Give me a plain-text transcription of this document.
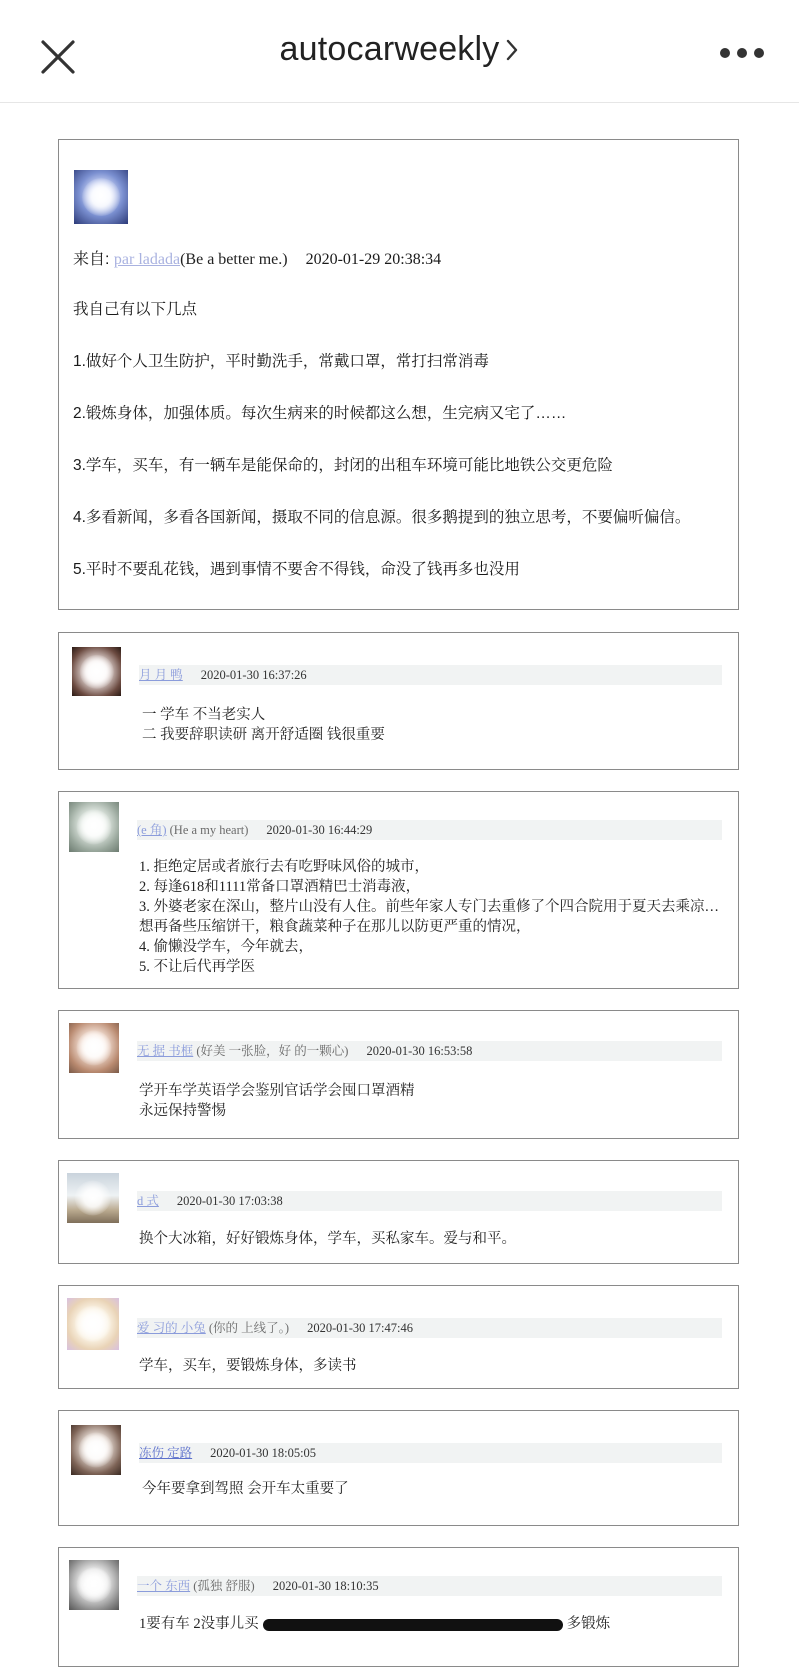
autocarweekly
来自: par ladada(Be a better me.) 2020-01-29 20:38:34
我自己有以下几点
1.做好个人卫生防护，平时勤洗手，常戴口罩，常打扫常消毒
2.锻炼身体，加强体质。每次生病来的时候都这么想，生完病又宅了……
3.学车，买车，有一辆车是能保命的，封闭的出租车环境可能比地铁公交更危险
4.多看新闻，多看各国新闻，摄取不同的信息源。很多鹅提到的独立思考，不要偏听偏信。
5.平时不要乱花钱，遇到事情不要舍不得钱，命没了钱再多也没用
月 月 鸭 2020-01-30 16:37:26
一 学车 不当老实人
二 我要辞职读研 离开舒适圈 钱很重要
(e 角) (He a my heart) 2020-01-30 16:44:29
1. 拒绝定居或者旅行去有吃野味风俗的城市，
2. 每逢618和1111常备口罩酒精巴士消毒液，
3. 外婆老家在深山，整片山没有人住。前些年家人专门去重修了个四合院用于夏天去乘凉…
想再备些压缩饼干，粮食蔬菜种子在那儿以防更严重的情况，
4. 偷懒没学车，今年就去，
5. 不让后代再学医
无 据 书框 (好美 一张脸，好 的一颗心) 2020-01-30 16:53:58
学开车学英语学会鉴别官话学会囤口罩酒精
永远保持警惕
d 式 2020-01-30 17:03:38
换个大冰箱，好好锻炼身体，学车，买私家车。爱与和平。
爱 习的 小兔 (你的 上线了。) 2020-01-30 17:47:46
学车，买车，要锻炼身体，多读书
冻伤 定路 2020-01-30 18:05:05
今年要拿到驾照 会开车太重要了
一个 东西 (孤独 舒服) 2020-01-30 18:10:35
1要有车 2没事儿买	多锻炼
